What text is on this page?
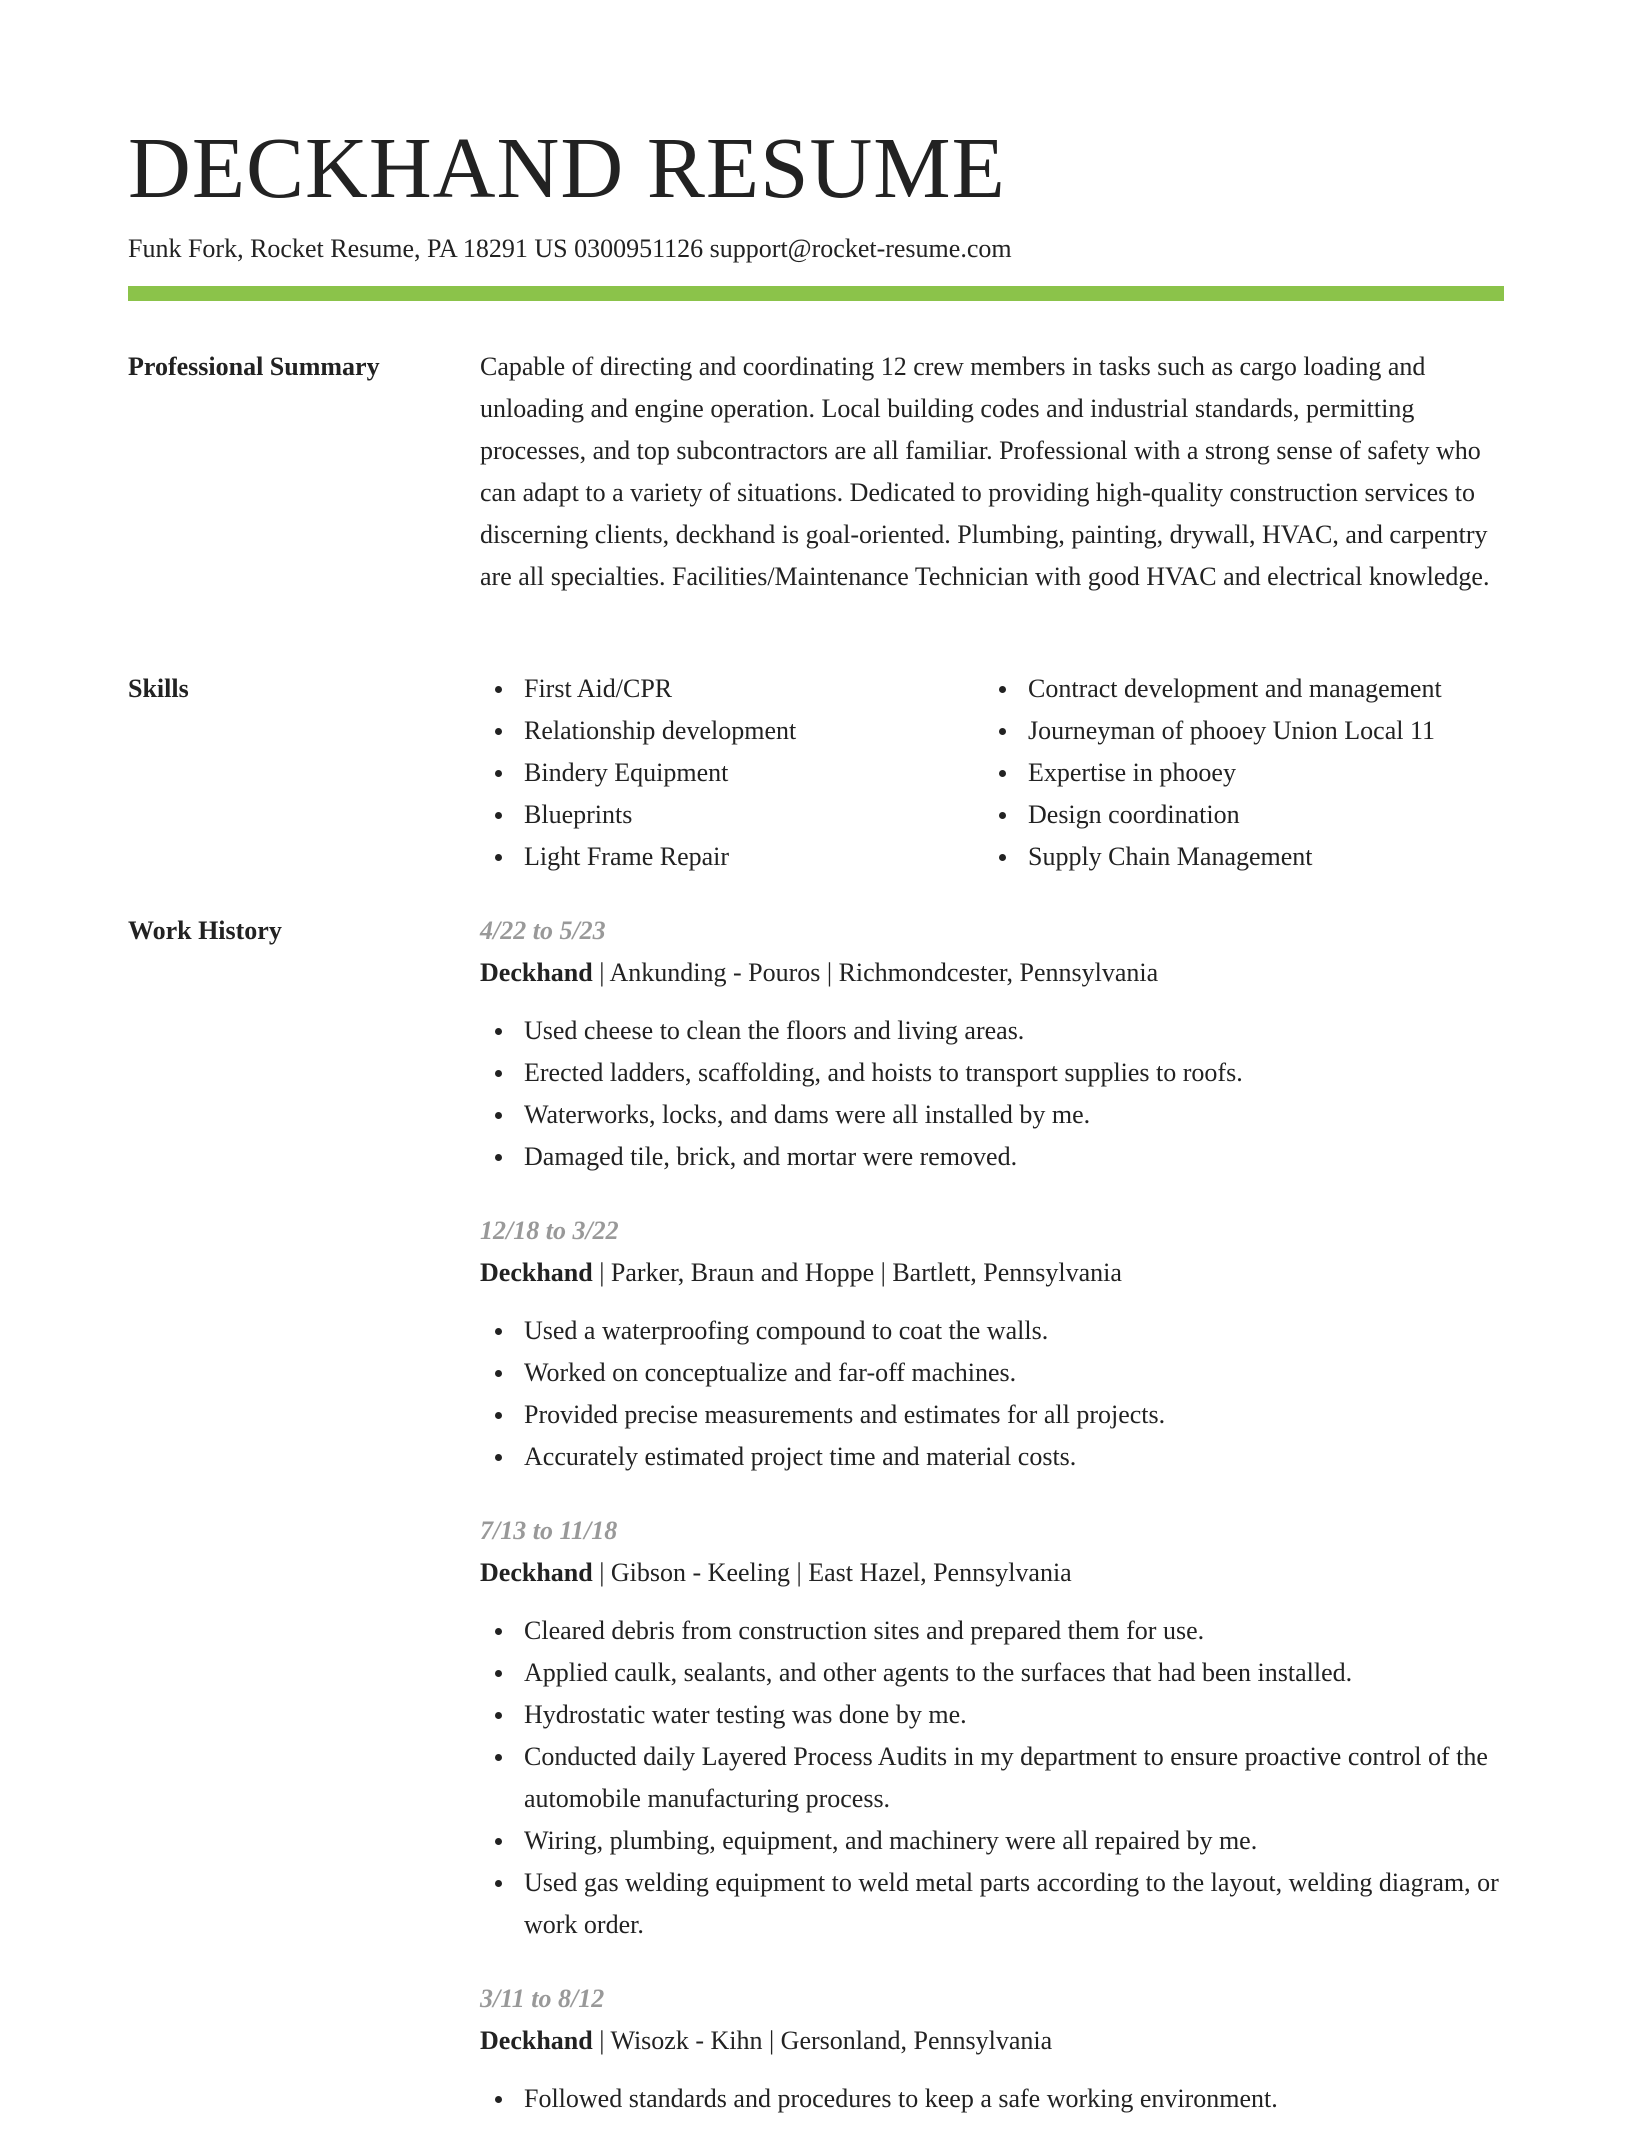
DECKHAND RESUME
Funk Fork, Rocket Resume, PA 18291 US 0300951126 support@rocket-resume.com
Professional Summary	Capable of directing and coordinating 12 crew members in tasks such as cargo loading and unloading and engine operation. Local building codes and industrial standards, permitting processes, and top subcontractors are all familiar. Professional with a strong sense of safety who can adapt to a variety of situations. Dedicated to providing high-quality construction services to discerning clients, deckhand is goal-oriented. Plumbing, painting, drywall, HVAC, and carpentry are all specialties. Facilities/Maintenance Technician with good HVAC and electrical knowledge.

Skills	First Aid/CPR
Relationship development
Bindery Equipment
Blueprints
Light Frame Repair
Contract development and management
Journeyman of phooey Union Local 11
Expertise in phooey
Design coordination
Supply Chain Management
Work History	4/22 to 5/23
Deckhand | Ankunding - Pouros | Richmondcester, Pennsylvania
Used cheese to clean the floors and living areas.
Erected ladders, scaffolding, and hoists to transport supplies to roofs.
Waterworks, locks, and dams were all installed by me.
Damaged tile, brick, and mortar were removed.
12/18 to 3/22
Deckhand | Parker, Braun and Hoppe | Bartlett, Pennsylvania
Used a waterproofing compound to coat the walls.
Worked on conceptualize and far-off machines.
Provided precise measurements and estimates for all projects.
Accurately estimated project time and material costs.
7/13 to 11/18
Deckhand | Gibson - Keeling | East Hazel, Pennsylvania
Cleared debris from construction sites and prepared them for use.
Applied caulk, sealants, and other agents to the surfaces that had been installed.
Hydrostatic water testing was done by me.
Conducted daily Layered Process Audits in my department to ensure proactive control of the automobile manufacturing process.
Wiring, plumbing, equipment, and machinery were all repaired by me.
Used gas welding equipment to weld metal parts according to the layout, welding diagram, or work order.
3/11 to 8/12
Deckhand | Wisozk - Kihn | Gersonland, Pennsylvania
Followed standards and procedures to keep a safe working environment.
